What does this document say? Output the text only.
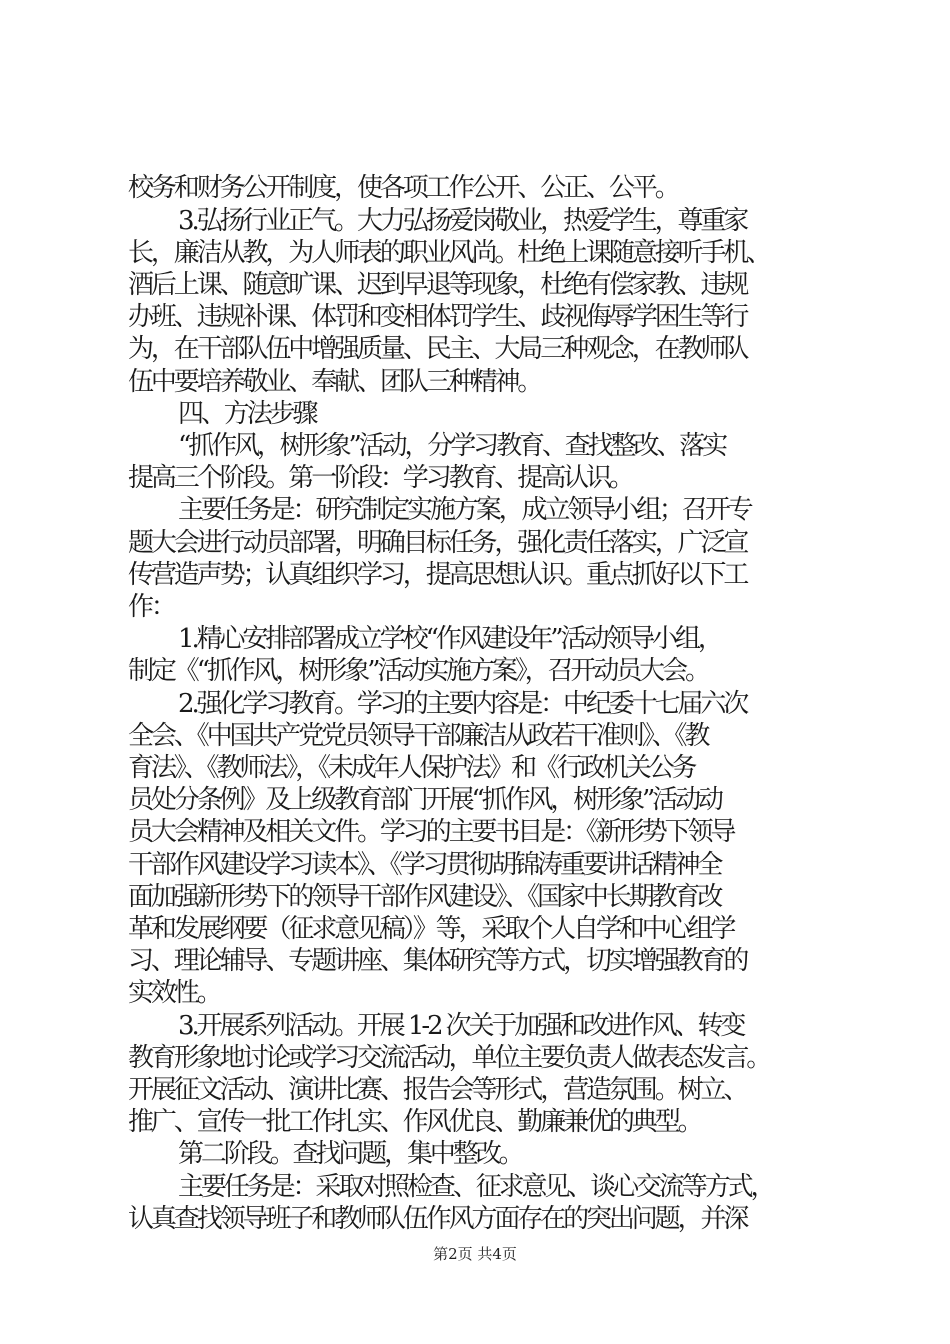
校务和财务公开制度，使各项工作公开、公正、公平。
3.弘扬行业正气。大力弘扬爱岗敬业，热爱学生，尊重家
长，廉洁从教，为人师表的职业风尚。杜绝上课随意接听手机、
酒后上课、随意旷课、迟到早退等现象，杜绝有偿家教、违规
办班、违规补课、体罚和变相体罚学生、歧视侮辱学困生等行
为，在干部队伍中增强质量、民主、大局三种观念，在教师队
伍中要培养敬业、奉献、团队三种精神。
四、方法步骤
“抓作风，树形象”活动，分学习教育、查找整改、落实
提高三个阶段。第一阶段：学习教育、提高认识。
主要任务是：研究制定实施方案，成立领导小组；召开专
题大会进行动员部署，明确目标任务，强化责任落实，广泛宣
传营造声势；认真组织学习，提高思想认识。重点抓好以下工
作：
1.精心安排部署成立学校“作风建设年”活动领导小组，
制定《“抓作风，树形象”活动实施方案》，召开动员大会。
2.强化学习教育。学习的主要内容是：中纪委十七届六次
全会、《中国共产党党员领导干部廉洁从政若干准则》、《教
育法》、《教师法》，《未成年人保护法》和《行政机关公务
员处分条例》及上级教育部门开展“抓作风，树形象”活动动
员大会精神及相关文件。学习的主要书目是：《新形势下领导
干部作风建设学习读本》、《学习贯彻胡锦涛重要讲话精神全
面加强新形势下的领导干部作风建设》、《国家中长期教育改
革和发展纲要（征求意见稿）》等，采取个人自学和中心组学
习、理论辅导、专题讲座、集体研究等方式，切实增强教育的
实效性。
3.开展系列活动。开展 1-2 次关于加强和改进作风、转变
教育形象地讨论或学习交流活动，单位主要负责人做表态发言。
开展征文活动、演讲比赛、报告会等形式，营造氛围。树立、
推广、宣传一批工作扎实、作风优良、勤廉兼优的典型。
第二阶段。查找问题，集中整改。
主要任务是：采取对照检查、征求意见、谈心交流等方式，
认真查找领导班子和教师队伍作风方面存在的突出问题，并深
第2页 共4页
